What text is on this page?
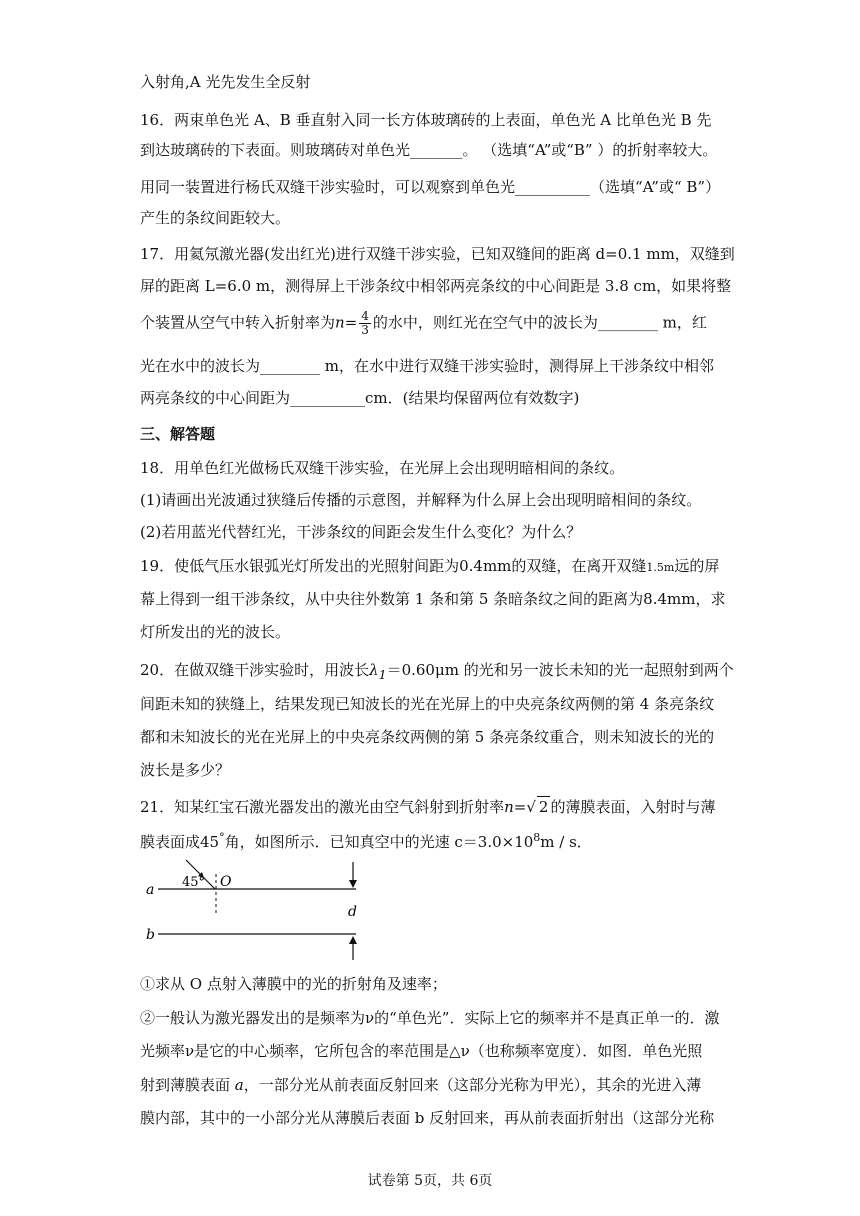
入射角,A 光先发生全反射
16．两束单色光 A、B 垂直射入同一长方体玻璃砖的上表面，单色光 A 比单色光 B 先
到达玻璃砖的下表面。则玻璃砖对单色光_______。 （选填“A”或“B” ）的折射率较大。
用同一装置进行杨氏双缝干涉实验时，可以观察到单色光__________（选填“A”或“ B”）
产生的条纹间距较大。
17．用氦氖激光器(发出红光)进行双缝干涉实验，已知双缝间的距离 d=0.1 mm，双缝到
屏的距离 L=6.0 m，测得屏上干涉条纹中相邻两亮条纹的中心间距是 3.8 cm，如果将整
个装置从空气中转入折射率为$n= \frac{4}{3}$ 的水中，则红光在空气中的波长为________ m，红
光在水中的波长为________ m，在水中进行双缝干涉实验时，测得屏上干涉条纹中相邻
两亮条纹的中心间距为__________cm．(结果均保留两位有效数字)
三、解答题
18．用单色红光做杨氏双缝干涉实验，在光屏上会出现明暗相间的条纹。
(1)请画出光波通过狭缝后传播的示意图，并解释为什么屏上会出现明暗相间的条纹。
(2)若用蓝光代替红光，干涉条纹的间距会发生什么变化？为什么？
19．使低气压水银弧光灯所发出的光照射间距为0.4mm的双缝，在离开双缝1.5m远的屏
幕上得到一组干涉条纹，从中央往外数第 1 条和第 5 条暗条纹之间的距离为8.4mm，求
灯所发出的光的波长。
20．在做双缝干涉实验时，用波长$\lambda_1=0.60\mu m$ 的光和另一波长未知的光一起照射到两个
间距未知的狭缝上，结果发现已知波长的光在光屏上的中央亮条纹两侧的第 4 条亮条纹
都和未知波长的光在光屏上的中央亮条纹两侧的第 5 条亮条纹重合，则未知波长的光的
波长是多少？
21．知某红宝石激光器发出的激光由空气斜射到折射率n=√ 2 的薄膜表面，入射时与薄
膜表面成45°角，如图所示．已知真空中的光速 $c=3.0\times 10^8m / s$．
a
b
45° O
d
①求从 O 点射入薄膜中的光的折射角及速率；
②一般认为激光器发出的是频率为ν的“单色光”．实际上它的频率并不是真正单一的．激
光频率ν是它的中心频率，它所包含的率范围是△ν（也称频率宽度）．如图．单色光照
射到薄膜表面 a，一部分光从前表面反射回来（这部分光称为甲光），其余的光进入薄
膜内部，其中的一小部分光从薄膜后表面 b 反射回来，再从前表面折射出（这部分光称
试卷第 5页，共 6页
